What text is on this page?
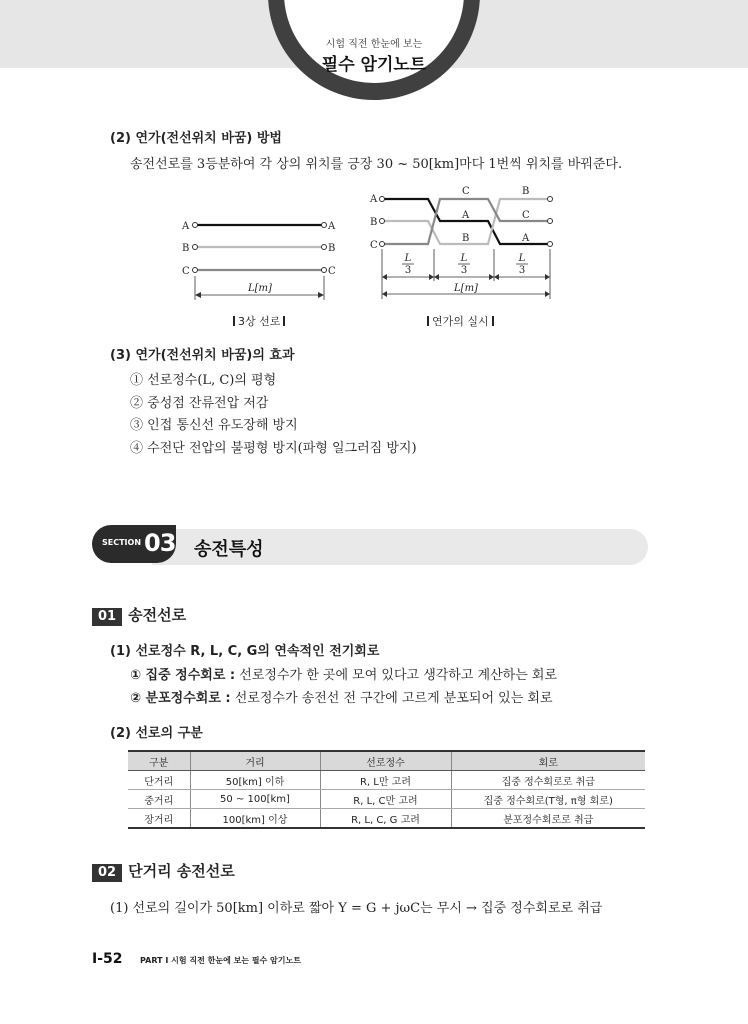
시험 직전 한눈에 보는
필수 암기노트
(2) 연가(전선위치 바꿈) 방법
송전선로를 3등분하여 각 상의 위치를 긍장 30 ~ 50[km]마다 1번씩 위치를 바꿔준다.
A
B
C
A
B
C
L[m]
3상 선로
A
B
C
C
A
B
B
C
A
L
3
L
3
L
3
L[m]
연가의 실시
(3) 연가(전선위치 바꿈)의 효과
① 선로정수(L, C)의 평형
② 중성점 잔류전압 저감
③ 인접 통신선 유도장해 방지
④ 수전단 전압의 불평형 방지(파형 일그러짐 방지)
SECTION 03 송전특성
01 송전선로
(1) 선로정수 R, L, C, G의 연속적인 전기회로
① 집중 정수회로 : 선로정수가 한 곳에 모여 있다고 생각하고 계산하는 회로
② 분포정수회로 : 선로정수가 송전선 전 구간에 고르게 분포되어 있는 회로
(2) 선로의 구분
구분	거리	선로정수	회로
단거리	50[km] 이하	R, L만 고려	집중 정수회로로 취급
중거리	50 ~ 100[km]	R, L, C만 고려	집중 정수회로(T형, π형 회로)
장거리	100[km] 이상	R, L, C, G 고려	분포정수회로로 취급
02 단거리 송전선로
(1) 선로의 길이가 50[km] 이하로 짧아 Y = G + jωC는 무시 → 집중 정수회로로 취급
I-52 PART Ⅰ 시험 직전 한눈에 보는 필수 암기노트
